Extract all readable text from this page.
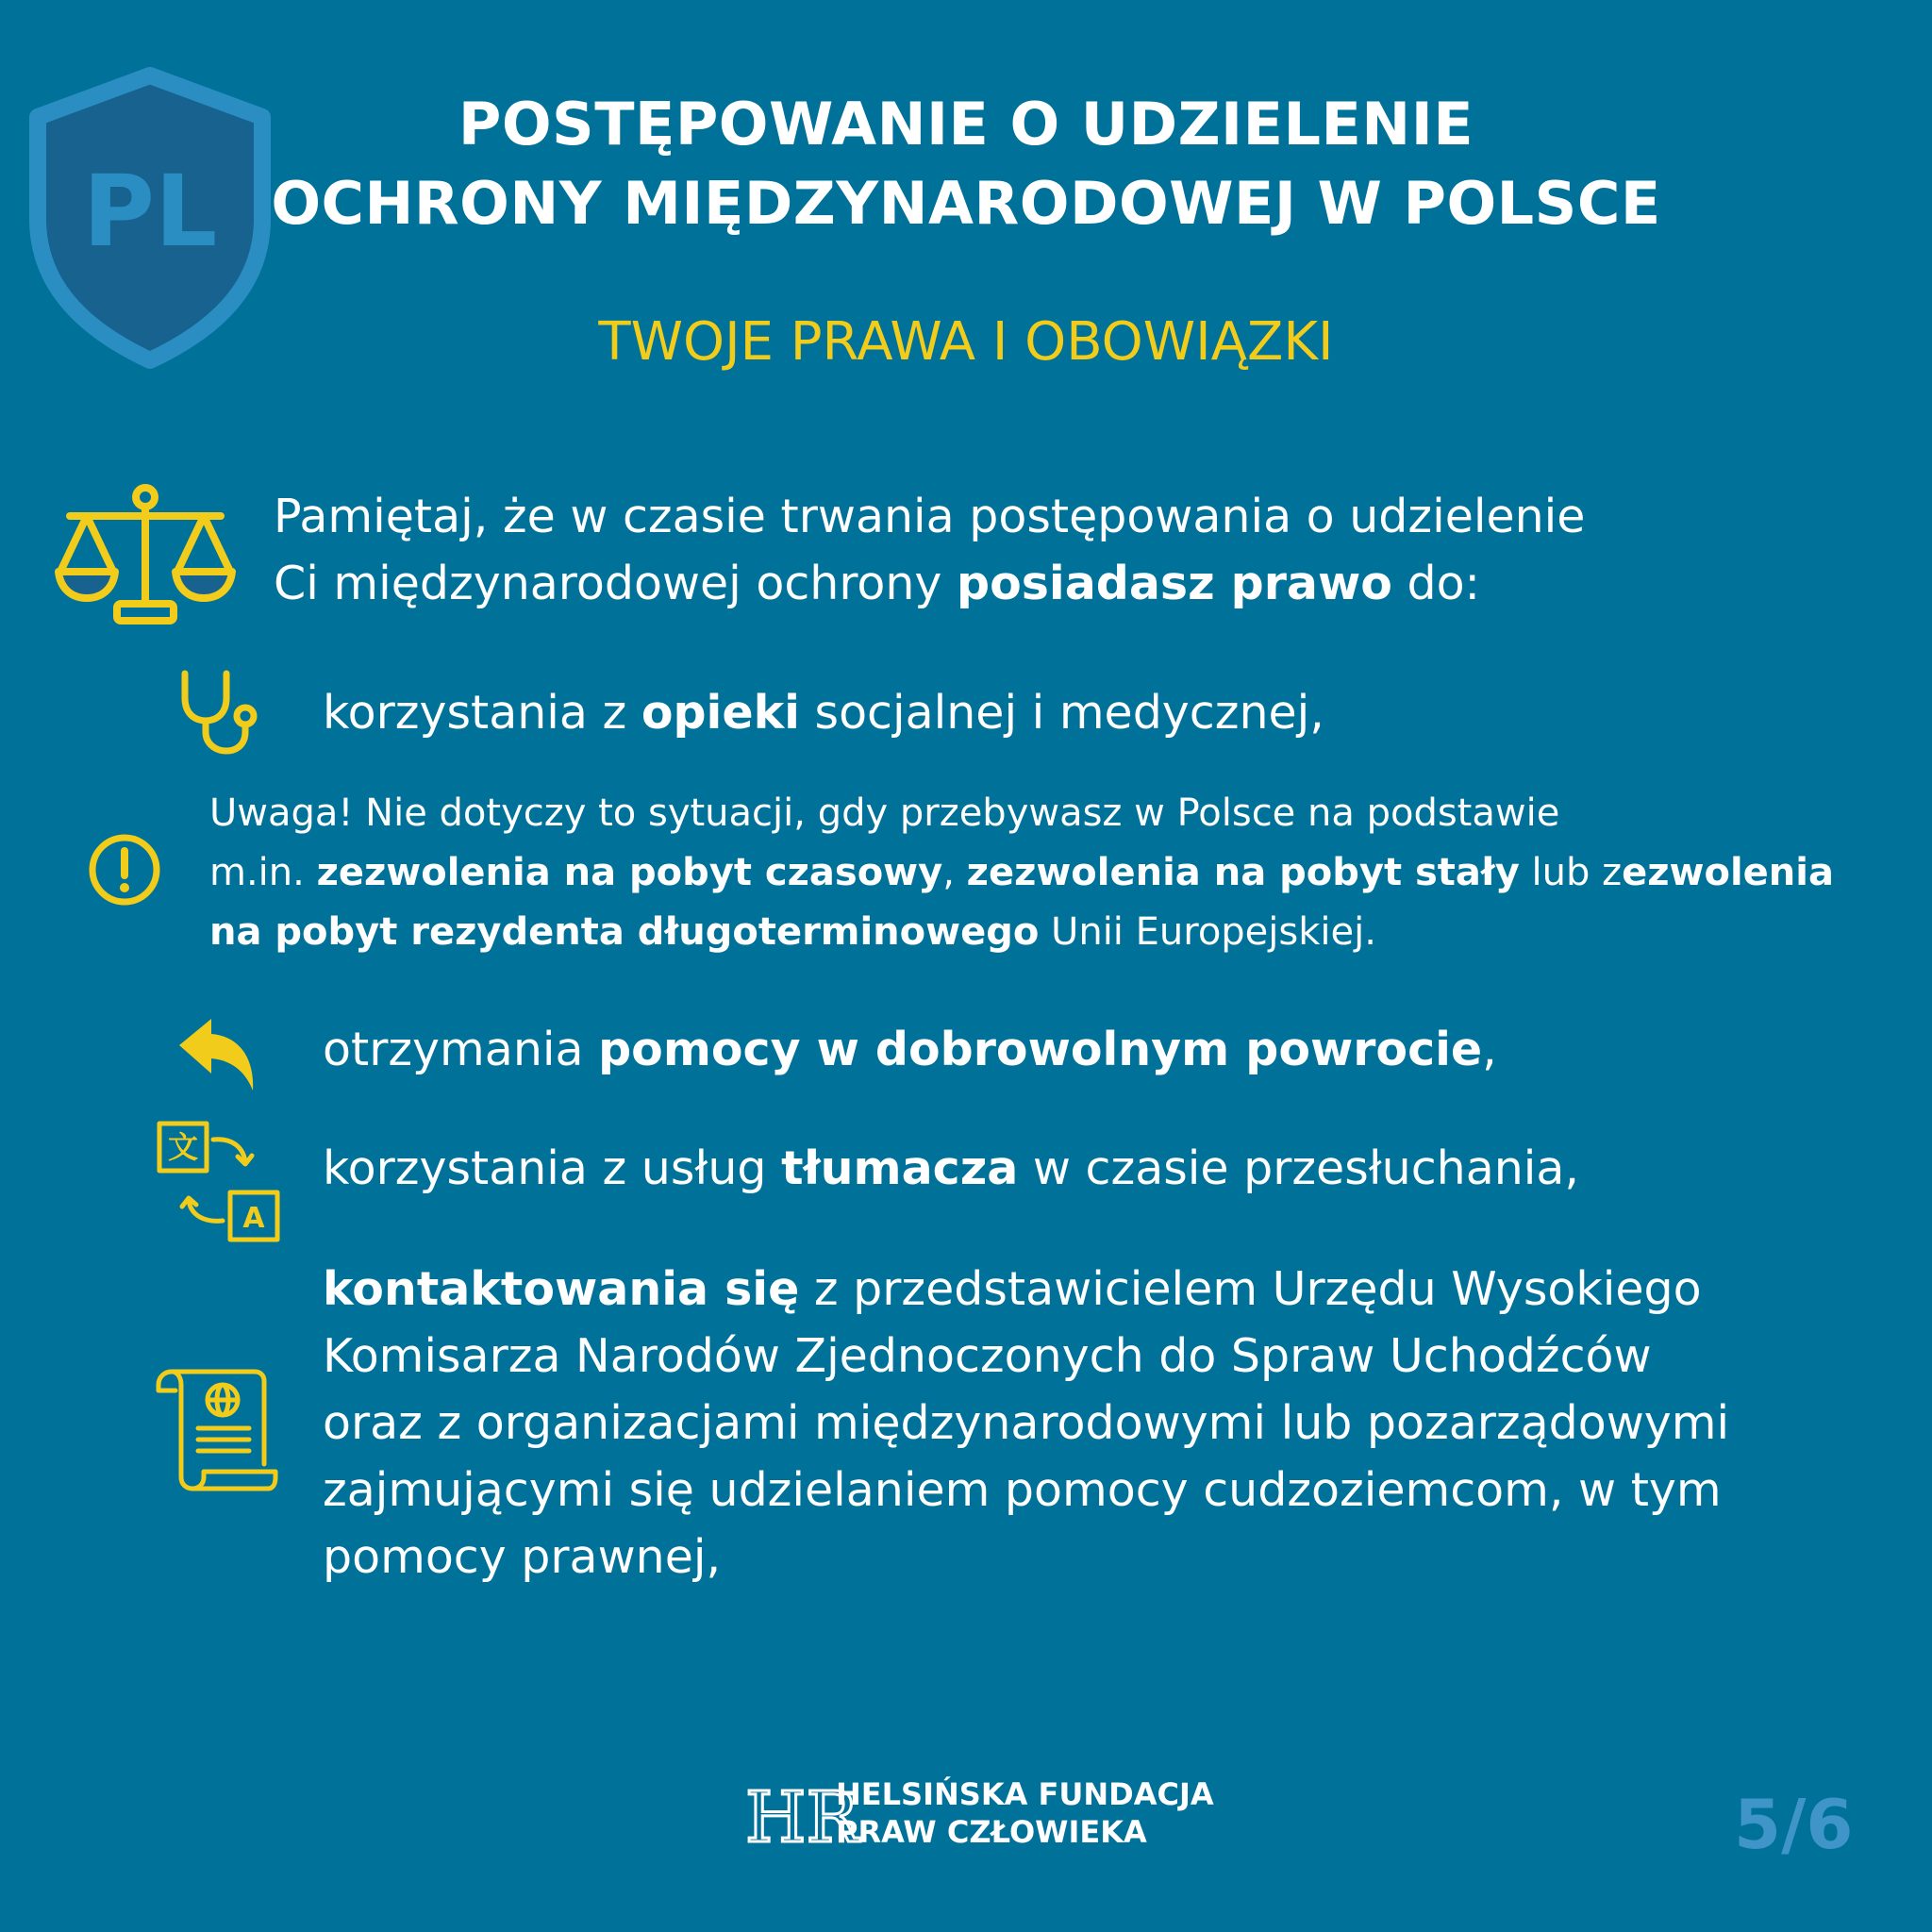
PL
POSTĘPOWANIE O UDZIELENIE
OCHRONY MIĘDZYNARODOWEJ W POLSCE
TWOJE PRAWA I OBOWIĄZKI
Pamiętaj, że w czasie trwania postępowania o udzielenie
Ci międzynarodowej ochrony posiadasz prawo do:
korzystania z opieki socjalnej i medycznej,
Uwaga! Nie dotyczy to sytuacji, gdy przebywasz w Polsce na podstawie
m.in. zezwolenia na pobyt czasowy, zezwolenia na pobyt stały lub zezwolenia
na pobyt rezydenta długoterminowego Unii Europejskiej.
otrzymania pomocy w dobrowolnym powrocie,
文
A
korzystania z usług tłumacza w czasie przesłuchania,
kontaktowania się z przedstawicielem Urzędu Wysokiego
Komisarza Narodów Zjednoczonych do Spraw Uchodźców
oraz z organizacjami międzynarodowymi lub pozarządowymi
zajmującymi się udzielaniem pomocy cudzoziemcom, w tym
pomocy prawnej,
HR
HELSIŃSKA FUNDACJA
PRAW CZŁOWIEKA	5/6
